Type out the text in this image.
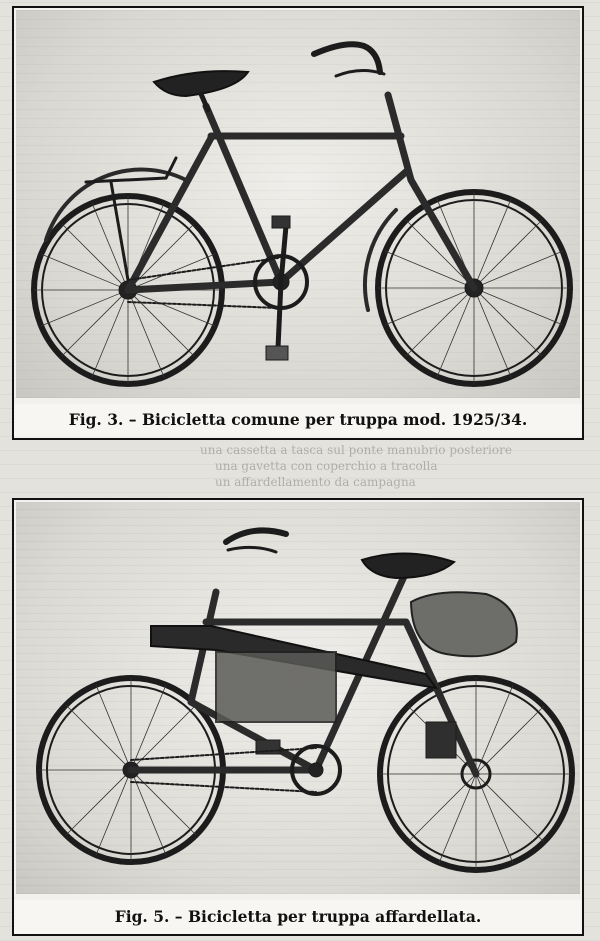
Fig. 3. – Bicicletta comune per truppa mod. 1925/34.
una cassetta a tasca sul ponte manubrio posteriore
una gavetta con coperchio a tracolla
un affardellamento da campagna
Fig. 5. – Bicicletta per truppa affardellata.
